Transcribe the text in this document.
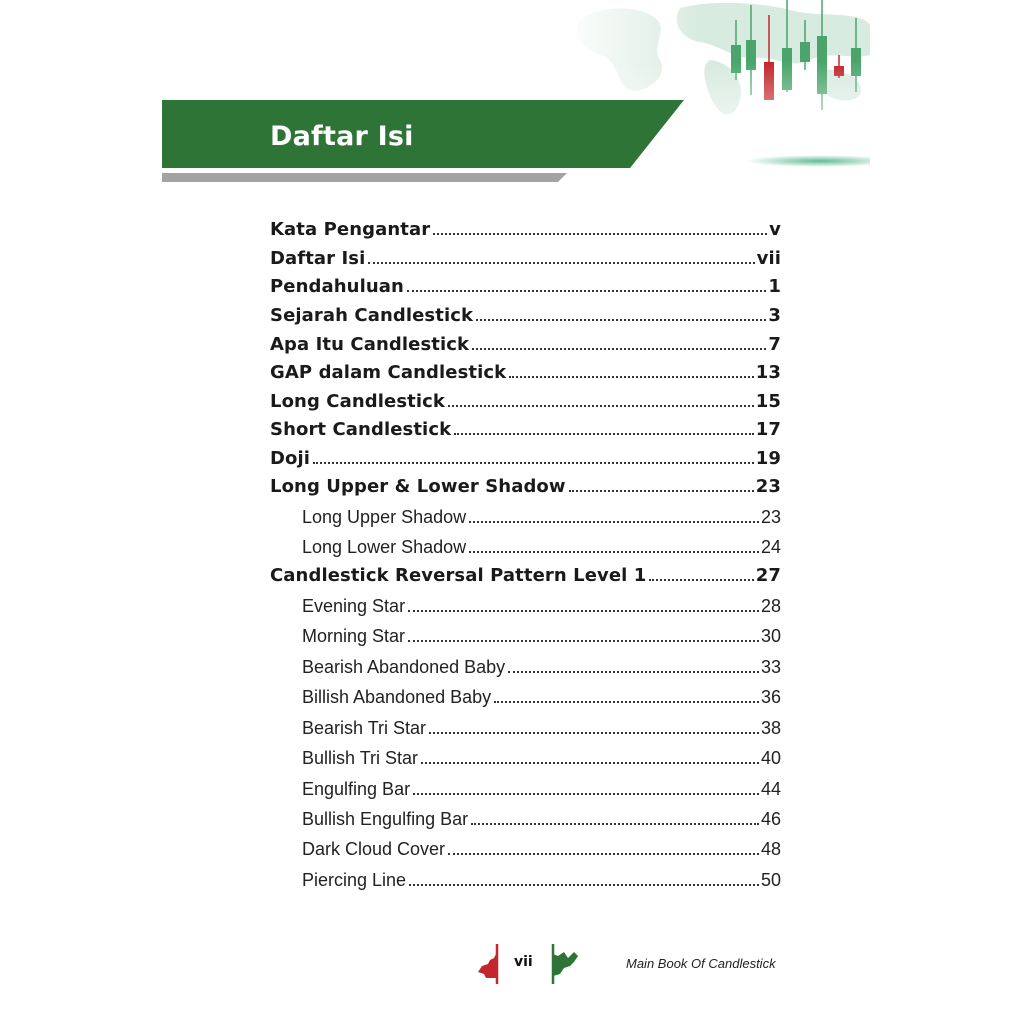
Daftar Isi
Kata Pengantar	v
Daftar Isi	vii
Pendahuluan	1
Sejarah Candlestick	3
Apa Itu Candlestick	7
GAP dalam Candlestick	13
Long Candlestick	15
Short Candlestick	17
Doji	19
Long Upper & Lower Shadow	23
Long Upper Shadow	23
Long Lower Shadow	24
Candlestick Reversal Pattern Level 1	27
Evening Star	28
Morning Star	30
Bearish Abandoned Baby	33
Billish Abandoned Baby	36
Bearish Tri Star	38
Bullish Tri Star	40
Engulfing Bar	44
Bullish Engulfing Bar	46
Dark Cloud Cover	48
Piercing Line	50
vii	Main Book Of Candlestick
